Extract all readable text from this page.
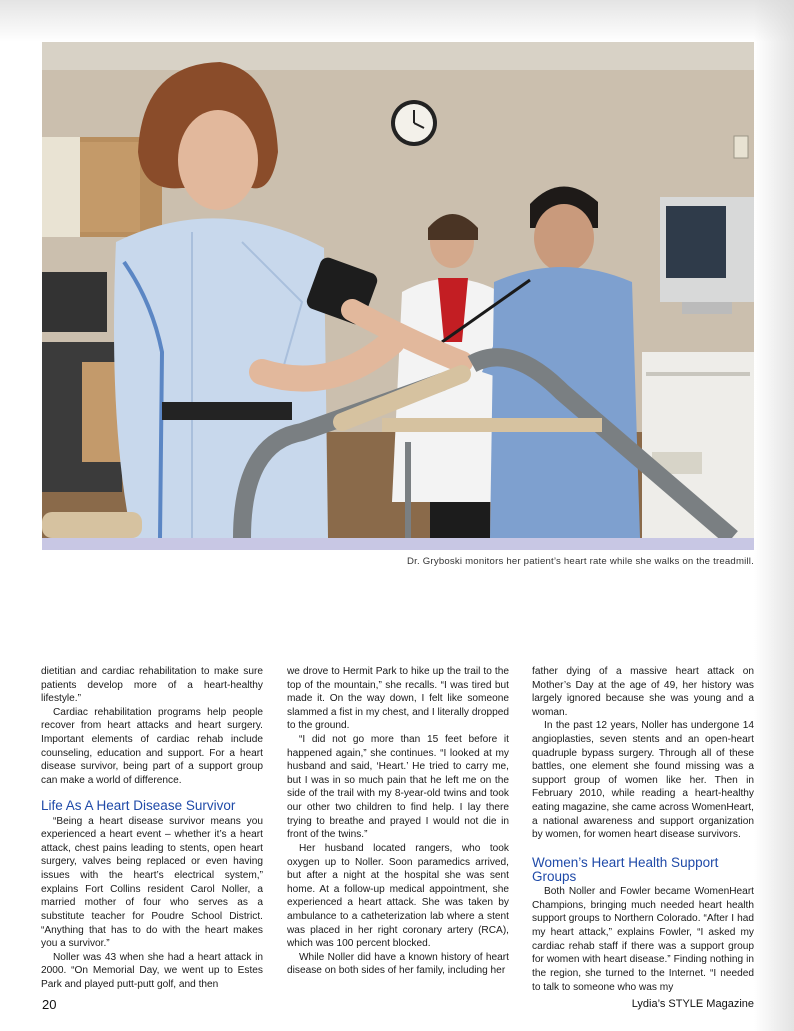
Dr. Gryboski monitors her patient’s heart rate while she walks on the treadmill.

dietitian and cardiac rehabilitation to make sure patients develop more of a heart-healthy lifestyle.”

Cardiac rehabilitation programs help people recover from heart attacks and heart surgery. Important elements of cardiac rehab include counseling, education and support. For a heart disease survivor, being part of a support group can make a world of difference.

Life As A Heart Disease Survivor

“Being a heart disease survivor means you experienced a heart event – whether it’s a heart attack, chest pains leading to stents, open heart surgery, valves being replaced or even having issues with the heart’s electrical system,” explains Fort Collins resident Carol Noller, a married mother of four who serves as a substitute teacher for Poudre School District. “Anything that has to do with the heart makes you a survivor.”

Noller was 43 when she had a heart attack in 2000. “On Memorial Day, we went up to Estes Park and played putt-putt golf, and then

we drove to Hermit Park to hike up the trail to the top of the mountain,” she recalls. “I was tired but made it. On the way down, I felt like someone slammed a fist in my chest, and I literally dropped to the ground.

“I did not go more than 15 feet before it happened again,” she continues. “I looked at my husband and said, ‘Heart.’ He tried to carry me, but I was in so much pain that he left me on the side of the trail with my 8-year-old twins and took our other two children to find help. I lay there trying to breathe and prayed I would not die in front of the twins.”

Her husband located rangers, who took oxygen up to Noller. Soon paramedics arrived, but after a night at the hospital she was sent home. At a follow-up medical appointment, she experienced a heart attack. She was taken by ambulance to a catheterization lab where a stent was placed in her right coronary artery (RCA), which was 100 percent blocked.

While Noller did have a known history of heart disease on both sides of her family, including her

father dying of a massive heart attack on Mother’s Day at the age of 49, her history was largely ignored because she was young and a woman.

In the past 12 years, Noller has undergone 14 angioplasties, seven stents and an open-heart quadruple bypass surgery. Through all of these battles, one element she found missing was a support group of women like her. Then in February 2010, while reading a heart-healthy eating magazine, she came across WomenHeart, a national awareness and support organization by women, for women heart disease survivors.

Women’s Heart Health Support Groups

Both Noller and Fowler became WomenHeart Champions, bringing much needed heart health support groups to Northern Colorado. “After I had my heart attack,” explains Fowler, “I asked my cardiac rehab staff if there was a support group for women with heart disease.” Finding nothing in the region, she turned to the Internet. “I needed to talk to someone who was my

20	Lydia’s STYLE Magazine
